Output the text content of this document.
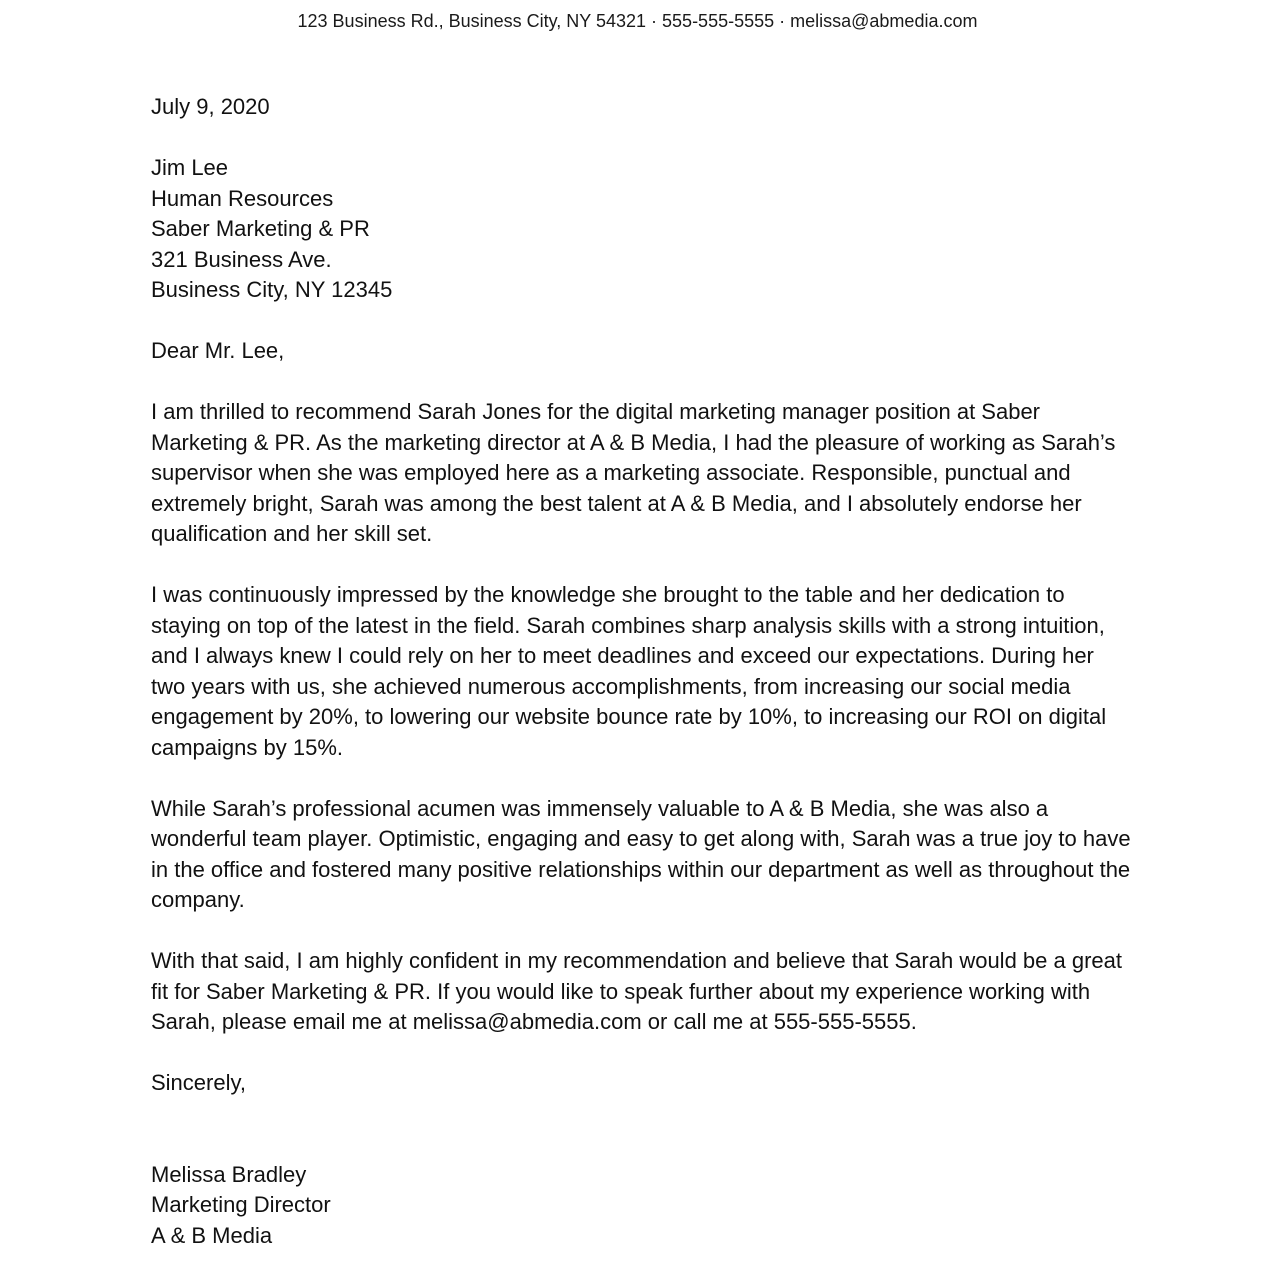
123 Business Rd., Business City, NY 54321 · 555-555-5555 · melissa@abmedia.com

July 9, 2020

Jim Lee
Human Resources
Saber Marketing & PR
321 Business Ave.
Business City, NY 12345

Dear Mr. Lee,

I am thrilled to recommend Sarah Jones for the digital marketing manager position at Saber Marketing & PR. As the marketing director at A & B Media, I had the pleasure of working as Sarah’s supervisor when she was employed here as a marketing associate. Responsible, punctual and extremely bright, Sarah was among the best talent at A & B Media, and I absolutely endorse her qualification and her skill set.

I was continuously impressed by the knowledge she brought to the table and her dedication to staying on top of the latest in the field. Sarah combines sharp analysis skills with a strong intuition, and I always knew I could rely on her to meet deadlines and exceed our expectations. During her two years with us, she achieved numerous accomplishments, from increasing our social media engagement by 20%, to lowering our website bounce rate by 10%, to increasing our ROI on digital campaigns by 15%.

While Sarah’s professional acumen was immensely valuable to A & B Media, she was also a wonderful team player. Optimistic, engaging and easy to get along with, Sarah was a true joy to have in the office and fostered many positive relationships within our department as well as throughout the company.

With that said, I am highly confident in my recommendation and believe that Sarah would be a great fit for Saber Marketing & PR. If you would like to speak further about my experience working with Sarah, please email me at melissa@abmedia.com or call me at 555-555-5555.

Sincerely,

Melissa Bradley
Marketing Director
A & B Media
